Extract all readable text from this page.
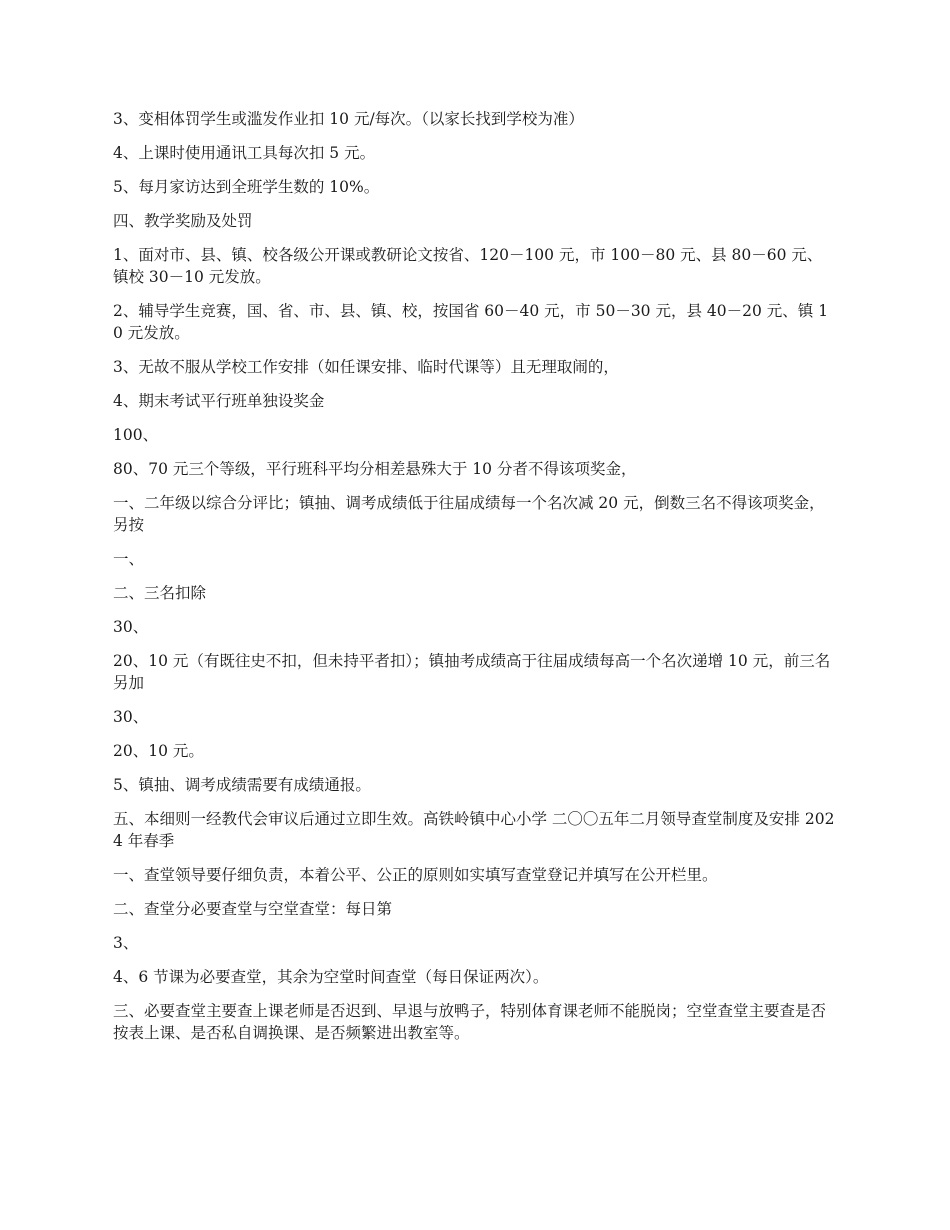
3、变相体罚学生或滥发作业扣 10 元/每次。（以家长找到学校为准）

4、上课时使用通讯工具每次扣 5 元。

5、每月家访达到全班学生数的 10%。

四、教学奖励及处罚

1、面对市、县、镇、校各级公开课或教研论文按省、120－100 元，市 100－80 元、县 80－60 元、镇校 30－10 元发放。

2、辅导学生竞赛，国、省、市、县、镇、校，按国省 60－40 元，市 50－30 元，县 40－20 元、镇 10 元发放。

3、无故不服从学校工作安排（如任课安排、临时代课等）且无理取闹的，

4、期末考试平行班单独设奖金

100、

80、70 元三个等级，平行班科平均分相差悬殊大于 10 分者不得该项奖金，

一、二年级以综合分评比；镇抽、调考成绩低于往届成绩每一个名次减 20 元，倒数三名不得该项奖金，另按

一、

二、三名扣除

30、

20、10 元（有既往史不扣，但未持平者扣）；镇抽考成绩高于往届成绩每高一个名次递增 10 元，前三名另加

30、

20、10 元。

5、镇抽、调考成绩需要有成绩通报。

五、本细则一经教代会审议后通过立即生效。高铁岭镇中心小学 二〇〇五年二月领导查堂制度及安排 2024 年春季

一、查堂领导要仔细负责，本着公平、公正的原则如实填写查堂登记并填写在公开栏里。

二、查堂分必要查堂与空堂查堂：每日第

3、

4、6 节课为必要查堂，其余为空堂时间查堂（每日保证两次）。

三、必要查堂主要查上课老师是否迟到、早退与放鸭子，特别体育课老师不能脱岗；空堂查堂主要查是否按表上课、是否私自调换课、是否频繁进出教室等。
